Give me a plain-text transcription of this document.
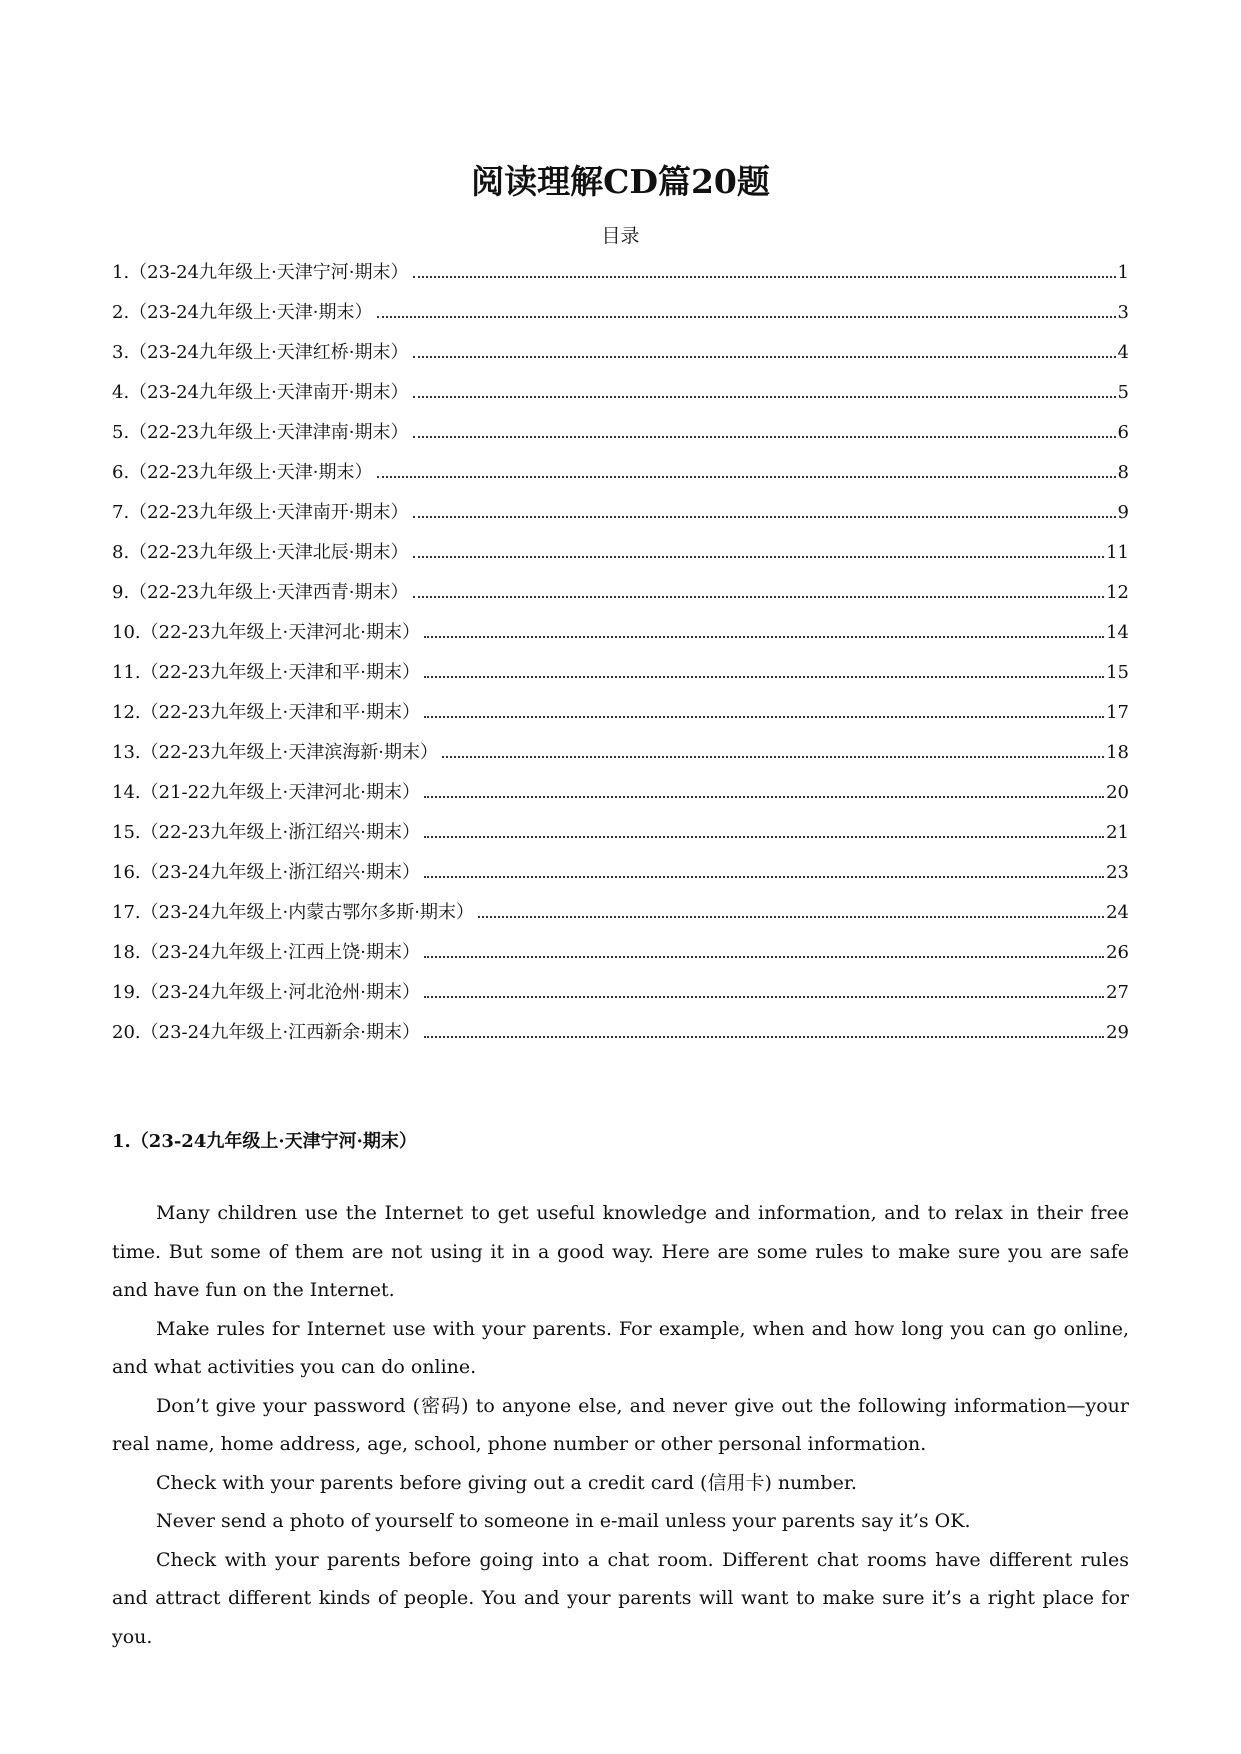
阅读理解CD篇20题
目录
1.（23-24九年级上·天津宁河·期末）	1
2.（23-24九年级上·天津·期末）	3
3.（23-24九年级上·天津红桥·期末）	4
4.（23-24九年级上·天津南开·期末）	5
5.（22-23九年级上·天津津南·期末）	6
6.（22-23九年级上·天津·期末）	8
7.（22-23九年级上·天津南开·期末）	9
8.（22-23九年级上·天津北辰·期末）	11
9.（22-23九年级上·天津西青·期末）	12
10.（22-23九年级上·天津河北·期末）	14
11.（22-23九年级上·天津和平·期末）	15
12.（22-23九年级上·天津和平·期末）	17
13.（22-23九年级上·天津滨海新·期末）	18
14.（21-22九年级上·天津河北·期末）	20
15.（22-23九年级上·浙江绍兴·期末）	21
16.（23-24九年级上·浙江绍兴·期末）	23
17.（23-24九年级上·内蒙古鄂尔多斯·期末）	24
18.（23-24九年级上·江西上饶·期末）	26
19.（23-24九年级上·河北沧州·期末）	27
20.（23-24九年级上·江西新余·期末）	29
1.（23-24九年级上·天津宁河·期末）

Many children use the Internet to get useful knowledge and information, and to relax in their free time. But some of them are not using it in a good way. Here are some rules to make sure you are safe and have fun on the Internet.

Make rules for Internet use with your parents. For example, when and how long you can go online, and what activities you can do online.

Don’t give your password (密码) to anyone else, and never give out the following information—your real name, home address, age, school, phone number or other personal information.

Check with your parents before giving out a credit card (信用卡) number.

Never send a photo of yourself to someone in e-mail unless your parents say it’s OK.

Check with your parents before going into a chat room. Different chat rooms have different rules and attract different kinds of people. You and your parents will want to make sure it’s a right place for you.
